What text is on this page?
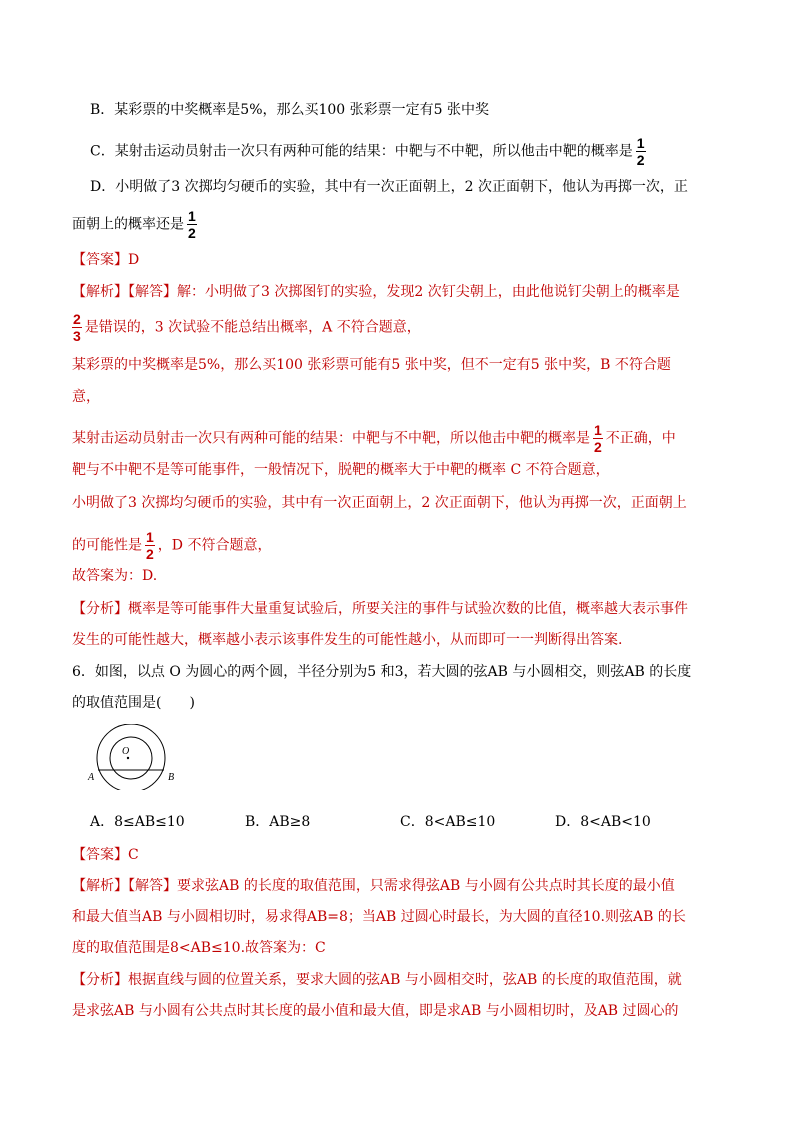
B．某彩票的中奖概率是5%，那么买100 张彩票一定有5 张中奖
C．某射击运动员射击一次只有两种可能的结果：中靶与不中靶，所以他击中靶的概率是 $\frac{1}{2}$
D．小明做了3 次掷均匀硬币的实验，其中有一次正面朝上，2 次正面朝下，他认为再掷一次，正
面朝上的概率还是 $\frac{1}{2}$
【答案】D
【解析】【解答】解：小明做了3 次掷图钉的实验，发现2 次钉尖朝上，由此他说钉尖朝上的概率是
$\frac{2}{3}$ 是错误的，3 次试验不能总结出概率，A 不符合题意，
某彩票的中奖概率是5%，那么买100 张彩票可能有5 张中奖，但不一定有5 张中奖，B 不符合题
意，
某射击运动员射击一次只有两种可能的结果：中靶与不中靶，所以他击中靶的概率是 $\frac{1}{2}$ 不正确，中
靶与不中靶不是等可能事件，一般情况下，脱靶的概率大于中靶的概率 C 不符合题意，
小明做了3 次掷均匀硬币的实验，其中有一次正面朝上，2 次正面朝下，他认为再掷一次，正面朝上
的可能性是 $\frac{1}{2}$ ，D 不符合题意，
故答案为：D.
【分析】概率是等可能事件大量重复试验后，所要关注的事件与试验次数的比值，概率越大表示事件
发生的可能性越大，概率越小表示该事件发生的可能性越小，从而即可一一判断得出答案.
6．如图，以点 O 为圆心的两个圆，半径分别为5 和3，若大圆的弦AB 与小圆相交，则弦AB 的长度
的取值范围是(　　)
O
A	B
A．8≤AB≤10	B．AB≥8	C．8<AB≤10	D．8<AB<10
【答案】C
【解析】【解答】要求弦AB 的长度的取值范围，只需求得弦AB 与小圆有公共点时其长度的最小值
和最大值当AB 与小圆相切时，易求得AB=8；当AB 过圆心时最长，为大圆的直径10.则弦AB 的长
度的取值范围是8<AB≤10.故答案为：C
【分析】根据直线与圆的位置关系，要求大圆的弦AB 与小圆相交时，弦AB 的长度的取值范围，就
是求弦AB 与小圆有公共点时其长度的最小值和最大值，即是求AB 与小圆相切时，及AB 过圆心的
